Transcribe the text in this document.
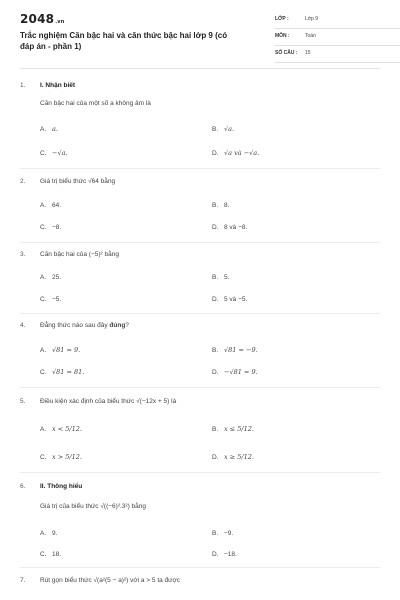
2048.vn
Trắc nghiệm Căn bậc hai và căn thức bậc hai lớp 9 (có đáp án - phần 1)
LỚP :	Lớp 9
MÔN :	Toán
SỐ CÂU : 15
1. I. Nhận biết
Căn bậc hai của một số a không âm là
A. a.	B. √a.
C. −√a.	D. √a và −√a.
2. Giá trị biểu thức √64 bằng
A. 64.	B. 8.
C. −8.	D. 8 và −8.
3. Căn bậc hai của (−5)² bằng
A. 25.	B. 5.
C. −5.	D. 5 và −5.
4. Đẳng thức nào sau đây đúng?
A. √81 = 9.	B. √81 = −9.
C. √81 = 81.	D. −√81 = 9.
5. Điều kiện xác định của biểu thức √(−12x + 5) là
A. x < 5/12.	B. x ≤ 5/12.
C. x > 5/12.	D. x ≥ 5/12.
6. II. Thông hiểu
Giá trị của biểu thức √((−6)².3²) bằng
A. 9.	B. −9.
C. 18.	D. −18.
7. Rút gọn biểu thức √(a²(5 − a)²) với a > 5 ta được
